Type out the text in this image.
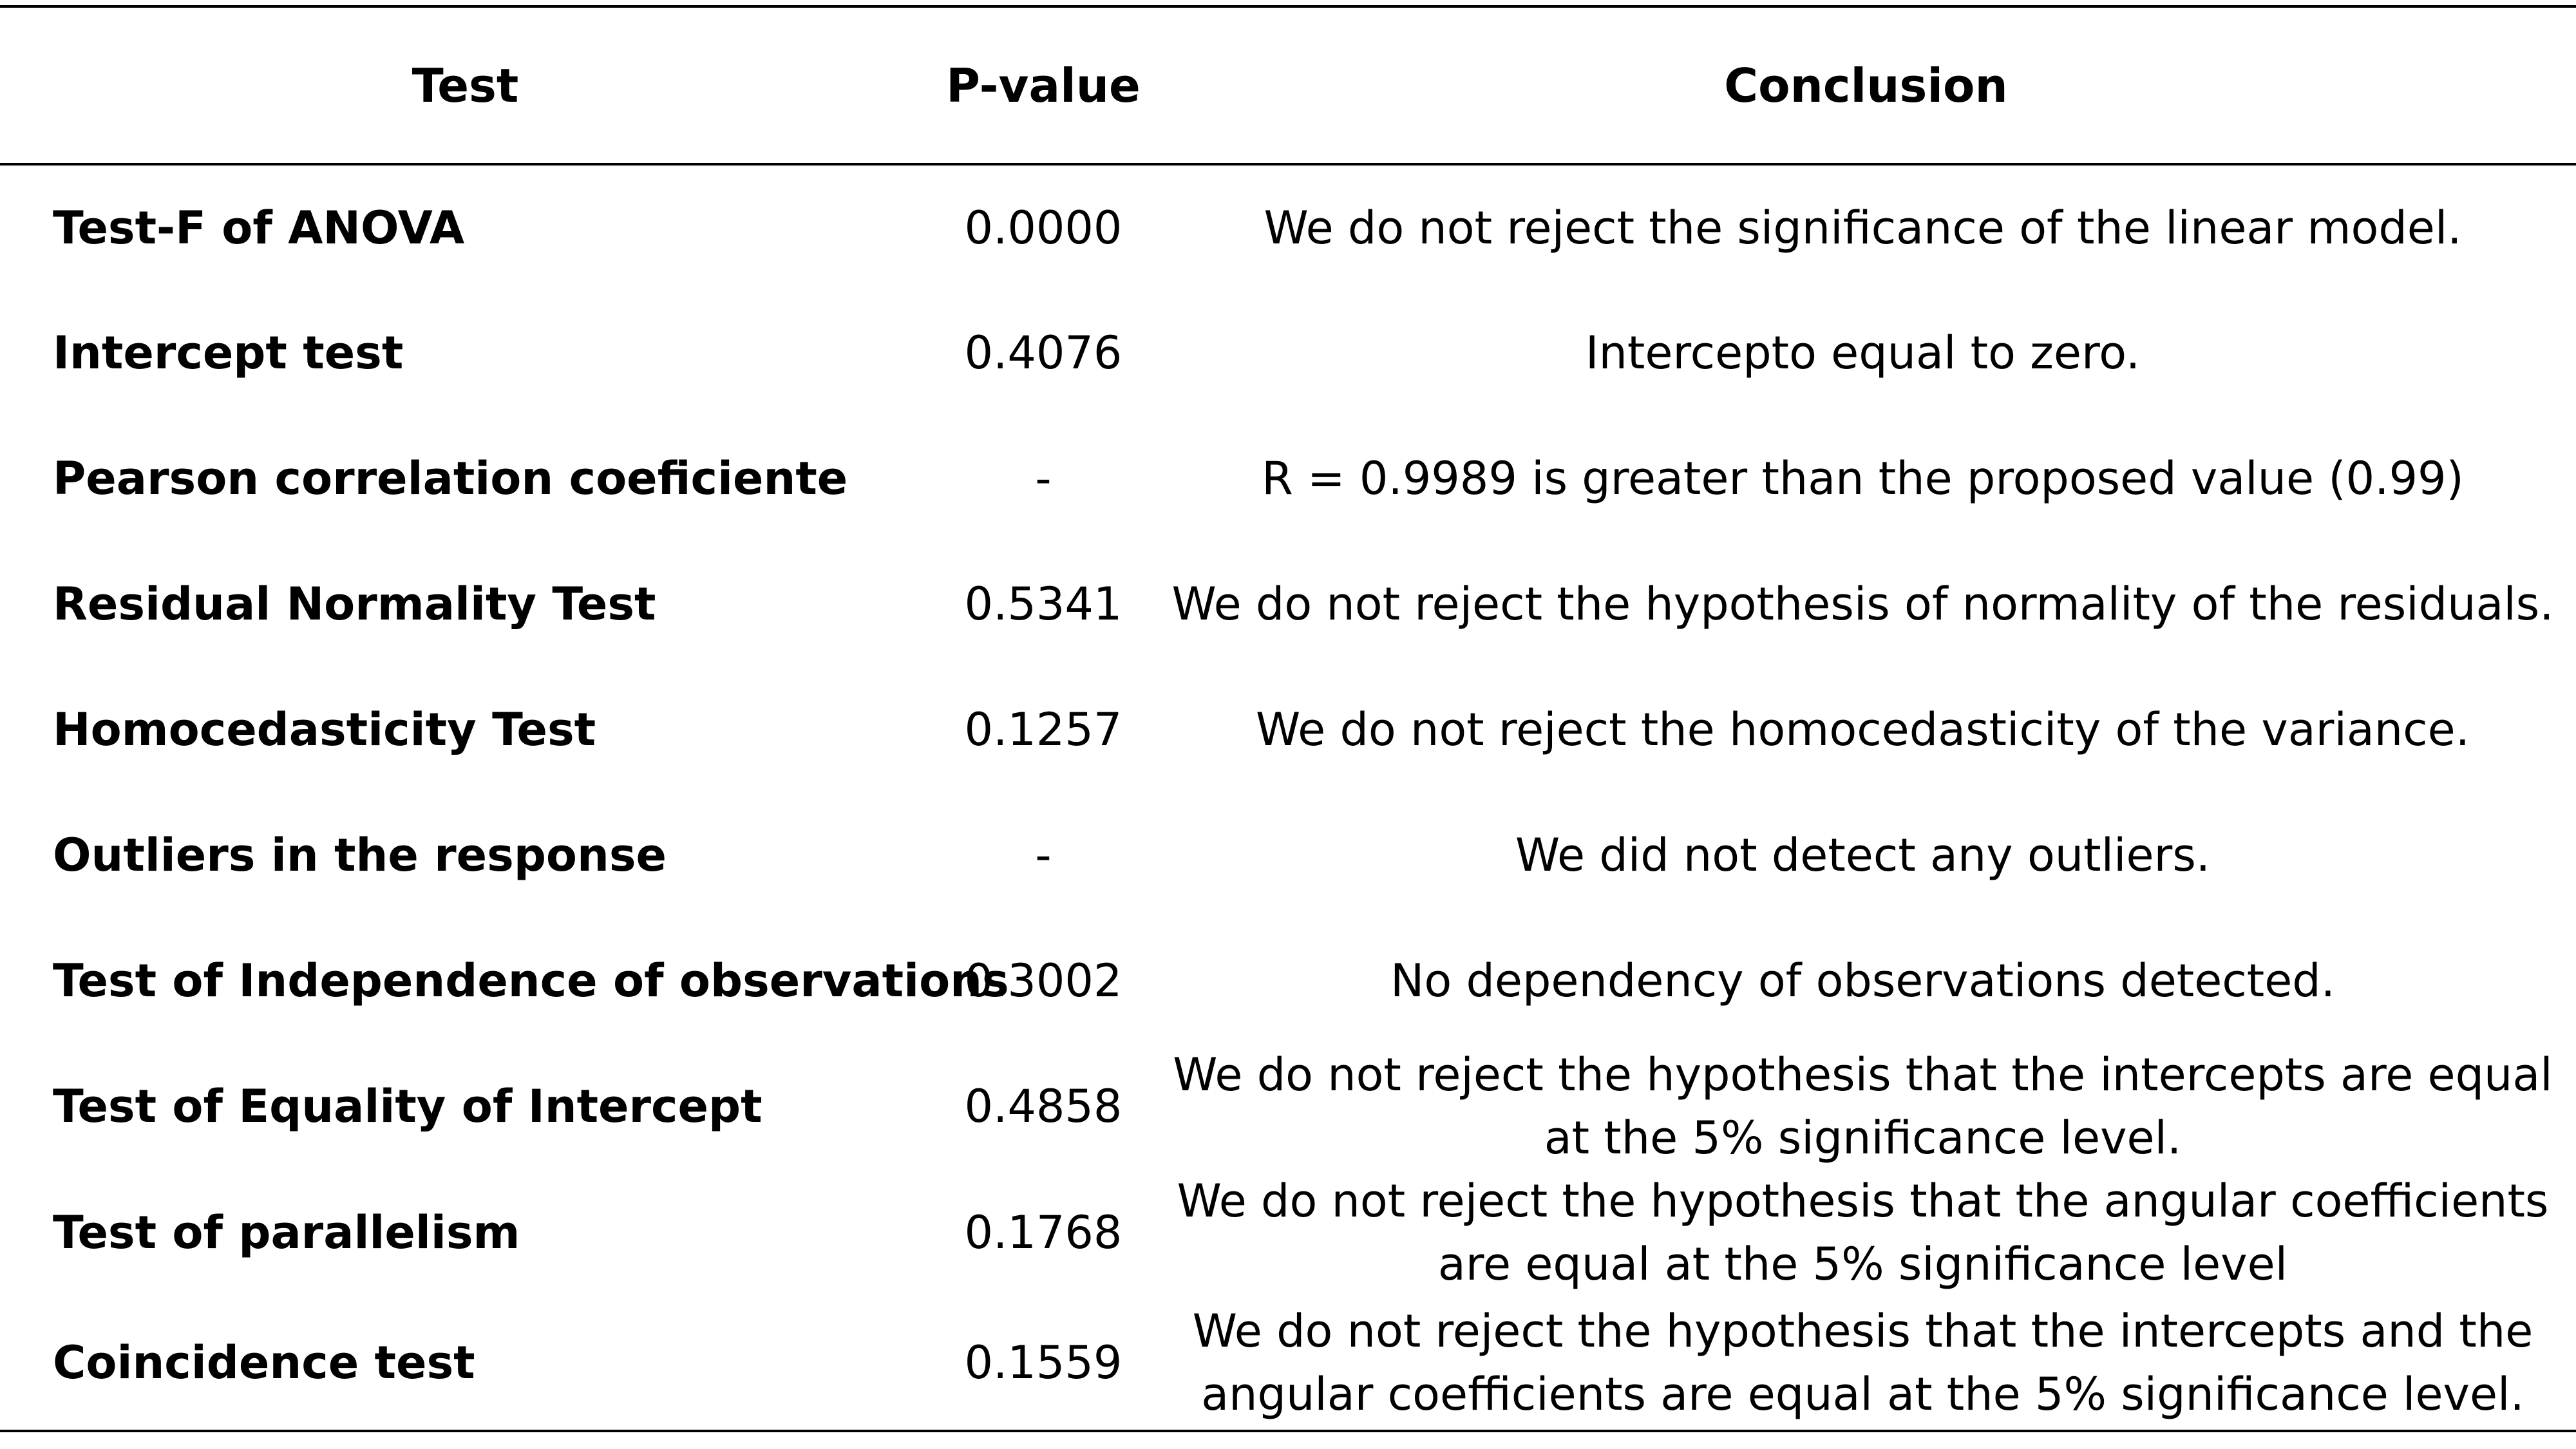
Test	P-value	Conclusion
Test-F of ANOVA	0.0000	We do not reject the significance of the linear model.
Intercept test	0.4076	Intercepto equal to zero.
Pearson correlation coeficiente	-	R = 0.9989 is greater than the proposed value (0.99)
Residual Normality Test	0.5341	We do not reject the hypothesis of normality of the residuals.
Homocedasticity Test	0.1257	We do not reject the homocedasticity of the variance.
Outliers in the response	-	We did not detect any outliers.
Test of Independence of observations	0.3002	No dependency of observations detected.
Test of Equality of Intercept	0.4858	We do not reject the hypothesis that the intercepts are equal at the 5% significance level.
Test of parallelism	0.1768	We do not reject the hypothesis that the angular coefficients are equal at the 5% significance level
Coincidence test	0.1559	We do not reject the hypothesis that the intercepts and the angular coefficients are equal at the 5% significance level.
